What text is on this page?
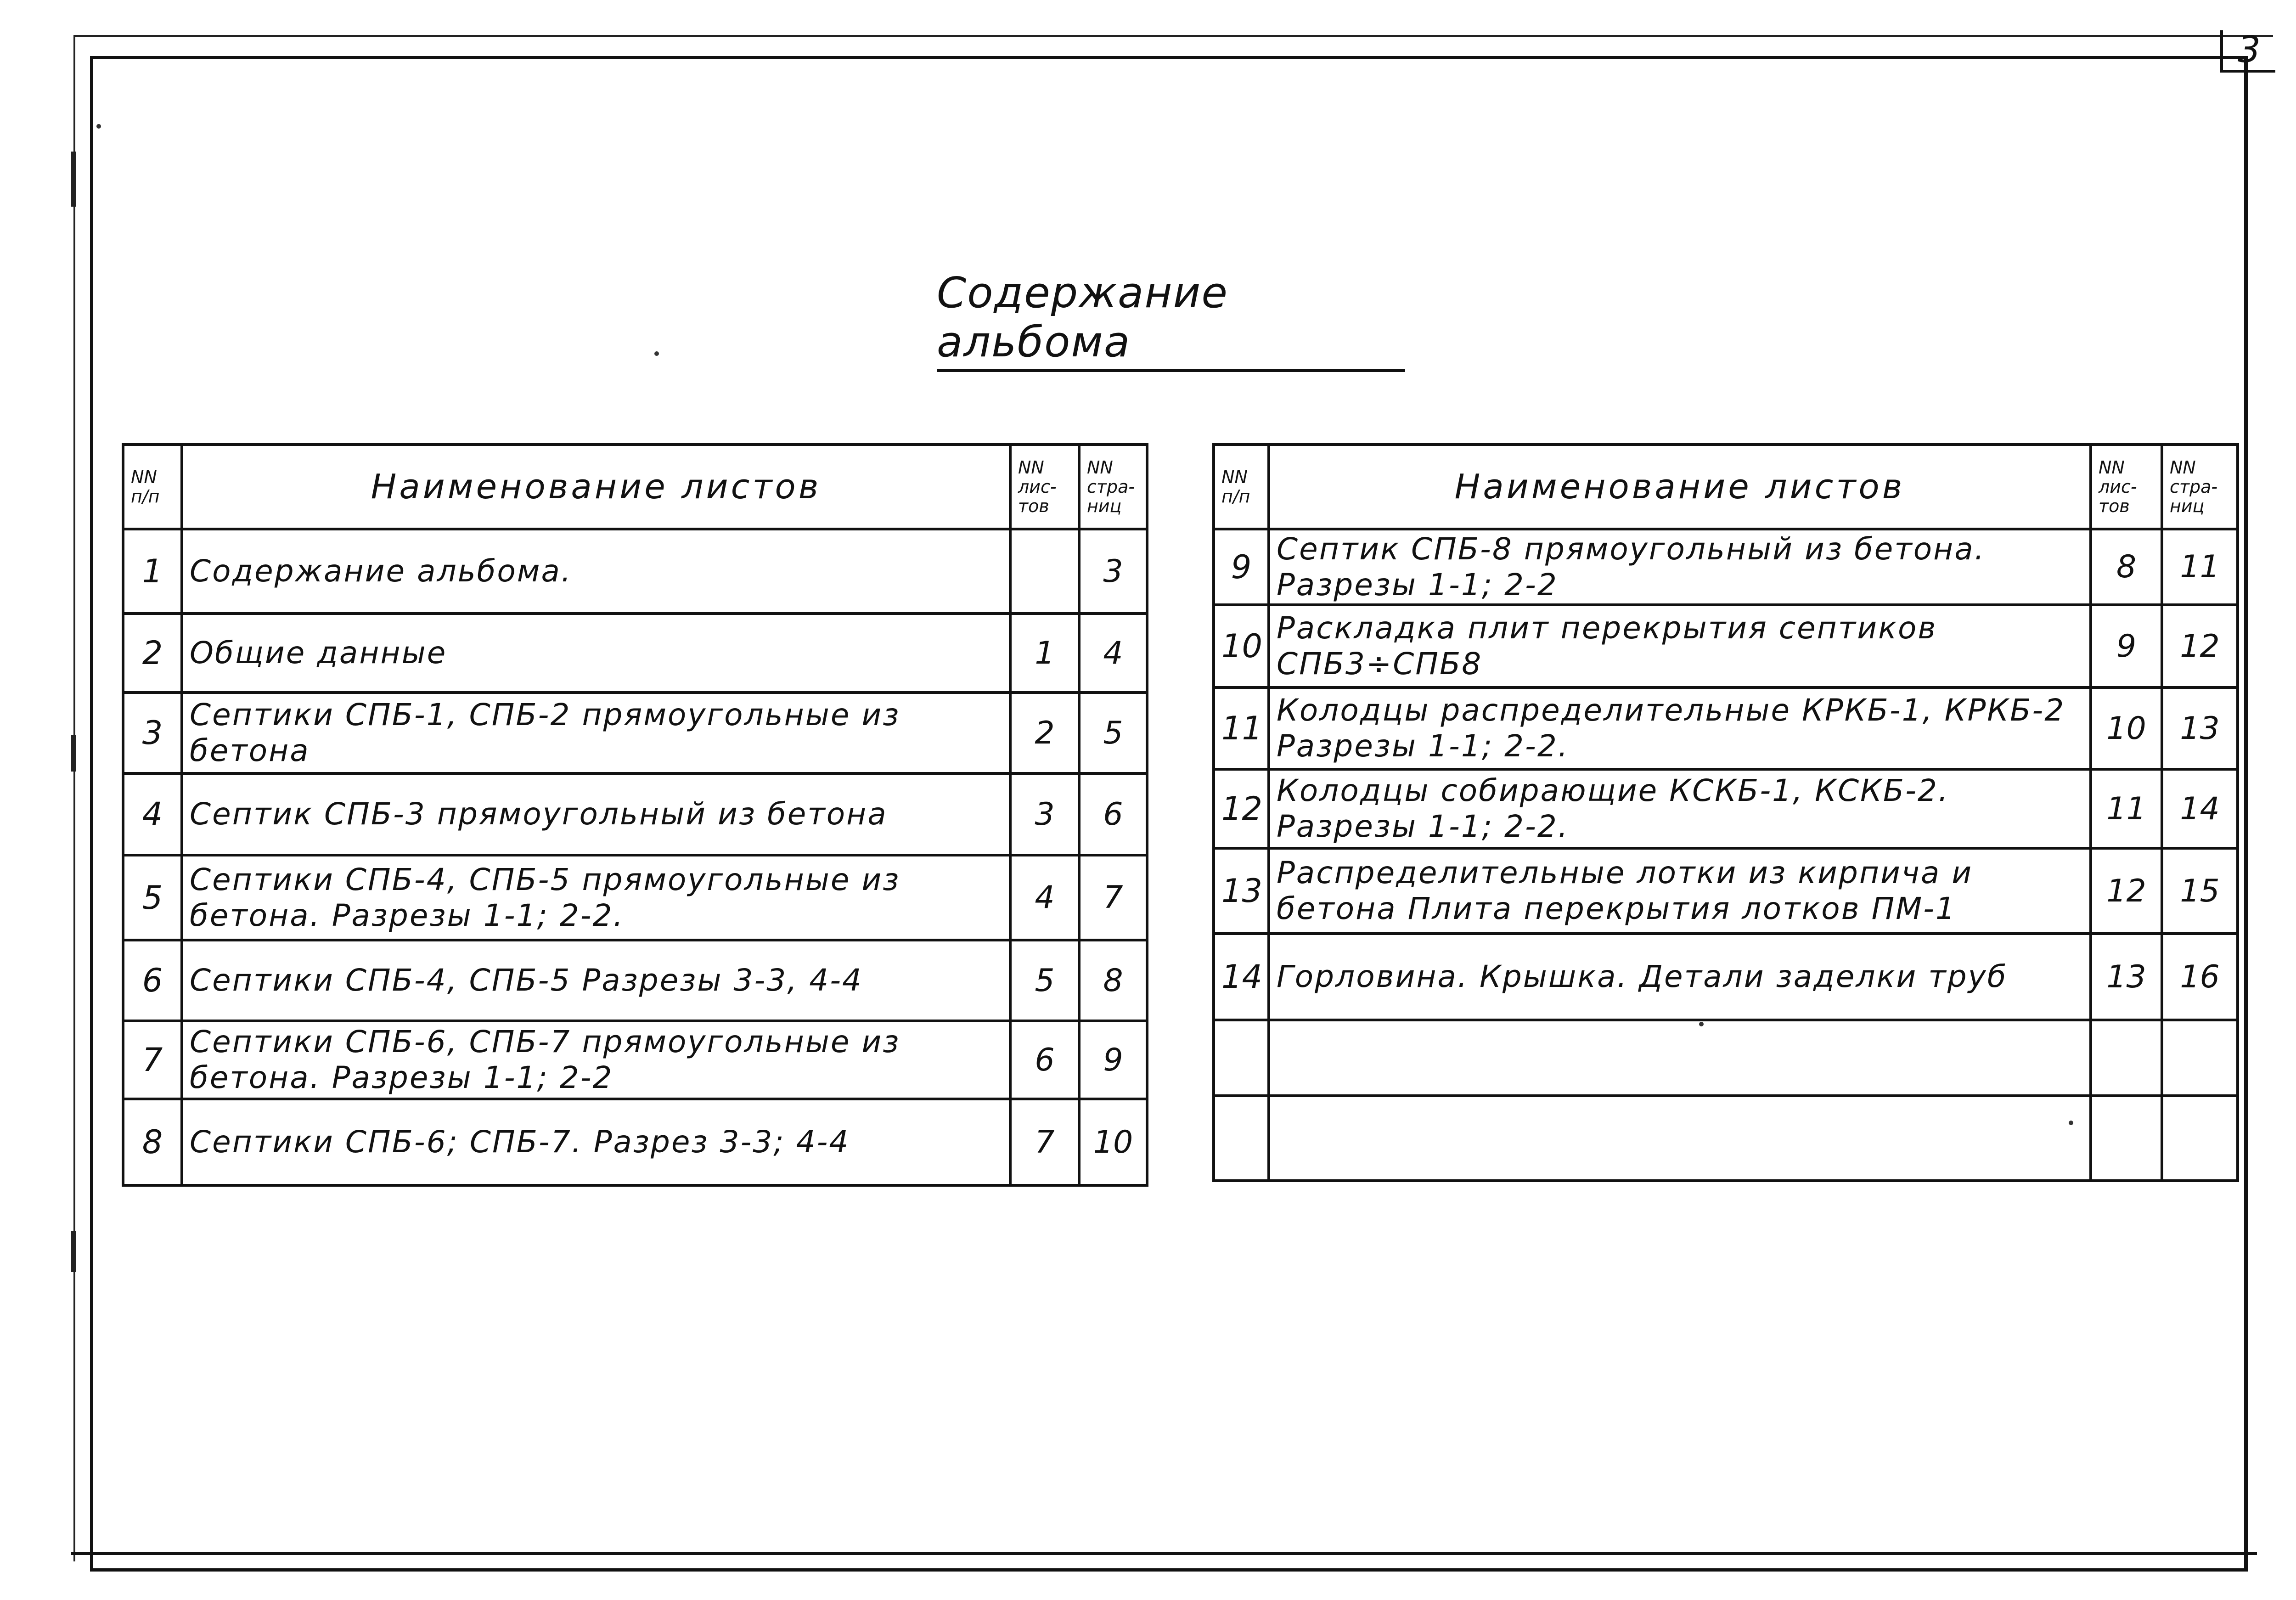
3
Содержание альбома
NN п/п	Наименование листов	NN лис-тов	NN стра-ниц
1	Содержание альбома.		3
2	Общие данные	1	4
3	Септики СПБ-1, СПБ-2 прямоугольные из бетона	2	5
4	Септик СПБ-3 прямоугольный из бетона	3	6
5	Септики СПБ-4, СПБ-5 прямоугольные из бетона. Разрезы 1-1; 2-2.	4	7
6	Септики СПБ-4, СПБ-5 Разрезы 3-3, 4-4	5	8
7	Септики СПБ-6, СПБ-7 прямоугольные из бетона. Разрезы 1-1; 2-2	6	9
8	Септики СПБ-6; СПБ-7. Разрез 3-3; 4-4	7	10
NN п/п	Наименование листов	NN лис-тов	NN стра-ниц
9	Септик СПБ-8 прямоугольный из бетона. Разрезы 1-1; 2-2	8	11
10	Раскладка плит перекрытия септиков СПБ3÷СПБ8	9	12
11	Колодцы распределительные КРКБ-1, КРКБ-2 Разрезы 1-1; 2-2.	10	13
12	Колодцы собирающие КСКБ-1, КСКБ-2. Разрезы 1-1; 2-2.	11	14
13	Распределительные лотки из кирпича и бетона Плита перекрытия лотков ПМ-1	12	15
14	Горловина. Крышка. Детали заделки труб	13	16
